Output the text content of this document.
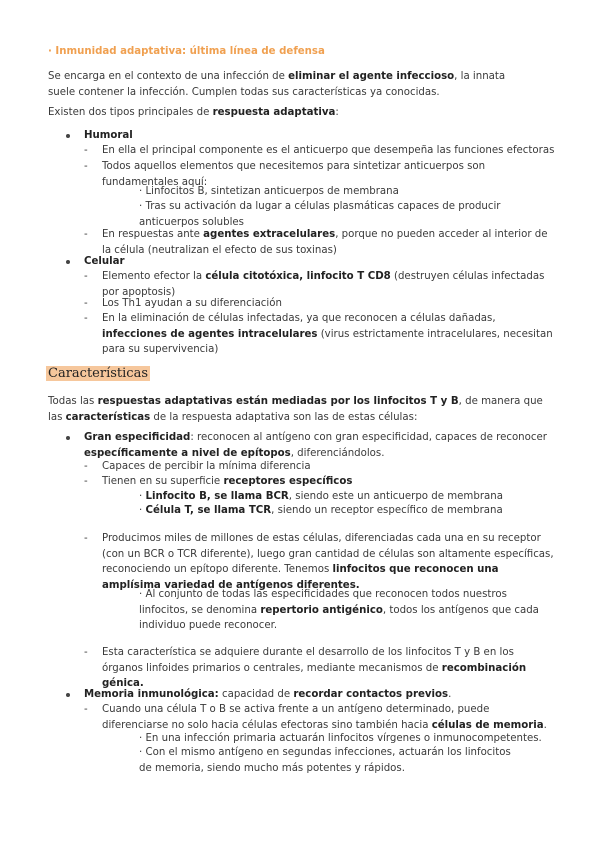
· Inmunidad adaptativa: última línea de defensa
Se encarga en el contexto de una infección de eliminar el agente infeccioso, la innata suele contener la infección. Cumplen todas sus características ya conocidas.
Existen dos tipos principales de respuesta adaptativa:
Humoral
- En ella el principal componente es el anticuerpo que desempeña las funciones efectoras
- Todos aquellos elementos que necesitemos para sintetizar anticuerpos son fundamentales aquí:
· Linfocitos B, sintetizan anticuerpos de membrana
· Tras su activación da lugar a células plasmáticas capaces de producir anticuerpos solubles
- En respuestas ante agentes extracelulares, porque no pueden acceder al interior de la célula (neutralizan el efecto de sus toxinas)
Celular
- Elemento efector la célula citotóxica, linfocito T CD8 (destruyen células infectadas por apoptosis)
- Los Th1 ayudan a su diferenciación
- En la eliminación de células infectadas, ya que reconocen a células dañadas, infecciones de agentes intracelulares (virus estrictamente intracelulares, necesitan para su supervivencia)
Características
Todas las respuestas adaptativas están mediadas por los linfocitos T y B, de manera que las características de la respuesta adaptativa son las de estas células:
Gran especificidad: reconocen al antígeno con gran especificidad, capaces de reconocer específicamente a nivel de epítopos, diferenciándolos.
- Capaces de percibir la mínima diferencia
- Tienen en su superficie receptores específicos
· Linfocito B, se llama BCR, siendo este un anticuerpo de membrana
· Célula T, se llama TCR, siendo un receptor específico de membrana
- Producimos miles de millones de estas células, diferenciadas cada una en su receptor (con un BCR o TCR diferente), luego gran cantidad de células son altamente específicas, reconociendo un epítopo diferente. Tenemos linfocitos que reconocen una amplísima variedad de antígenos diferentes.
· Al conjunto de todas las especificidades que reconocen todos nuestros linfocitos, se denomina repertorio antigénico, todos los antígenos que cada individuo puede reconocer.
- Esta característica se adquiere durante el desarrollo de los linfocitos T y B en los órganos linfoides primarios o centrales, mediante mecanismos de recombinación génica.
Memoria inmunológica: capacidad de recordar contactos previos.
- Cuando una célula T o B se activa frente a un antígeno determinado, puede diferenciarse no solo hacia células efectoras sino también hacia células de memoria.
· En una infección primaria actuarán linfocitos vírgenes o inmunocompetentes.
· Con el mismo antígeno en segundas infecciones, actuarán los linfocitos de memoria, siendo mucho más potentes y rápidos.
